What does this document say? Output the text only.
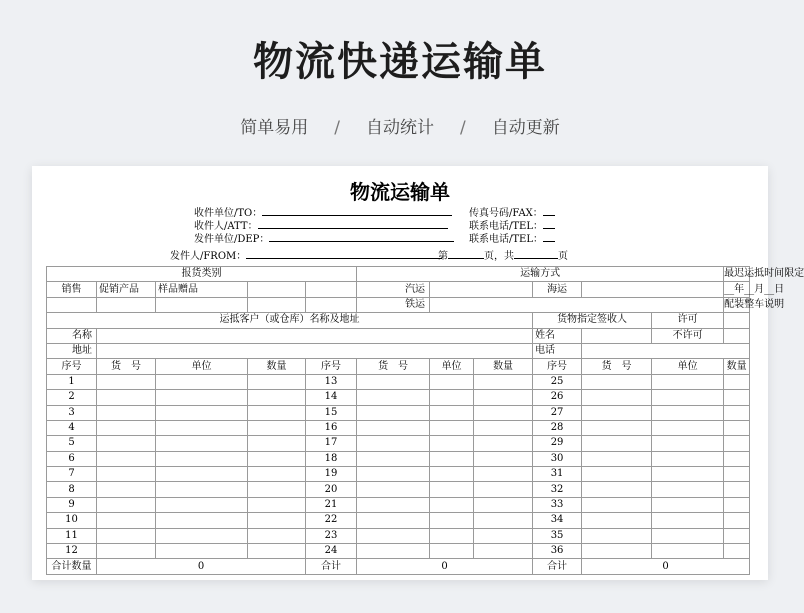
物流快递运输单
简单易用 / 自动统计 / 自动更新
物流运输单
收件单位/TO：
收件人/ATT：
发件单位/DEP：
传真号码/FAX：
联系电话/TEL：
联系电话/TEL：
发件人/FROM：	第	页，共	页
报货类别					运输方式						最迟运抵时间限定
销售	促销产品	样品赠品			汽运			海运			__年__月__日
					铁运						配装整车说明
运抵客户（或仓库）名称及地址								货物指定签收人		许可	
名称								姓名		不许可	
地址								电话			
序号	货　号	单位	数量	序号	货　号	单位	数量	序号	货　号	单位	数量
1				13				25			
2				14				26			
3				15				27			
4				16				28			
5				17				29			
6				18				30			
7				19				31			
8				20				32			
9				21				33			
10				22				34			
11				23				35			
12				24				36			
合计数量	0			合计	0			合计	0		
